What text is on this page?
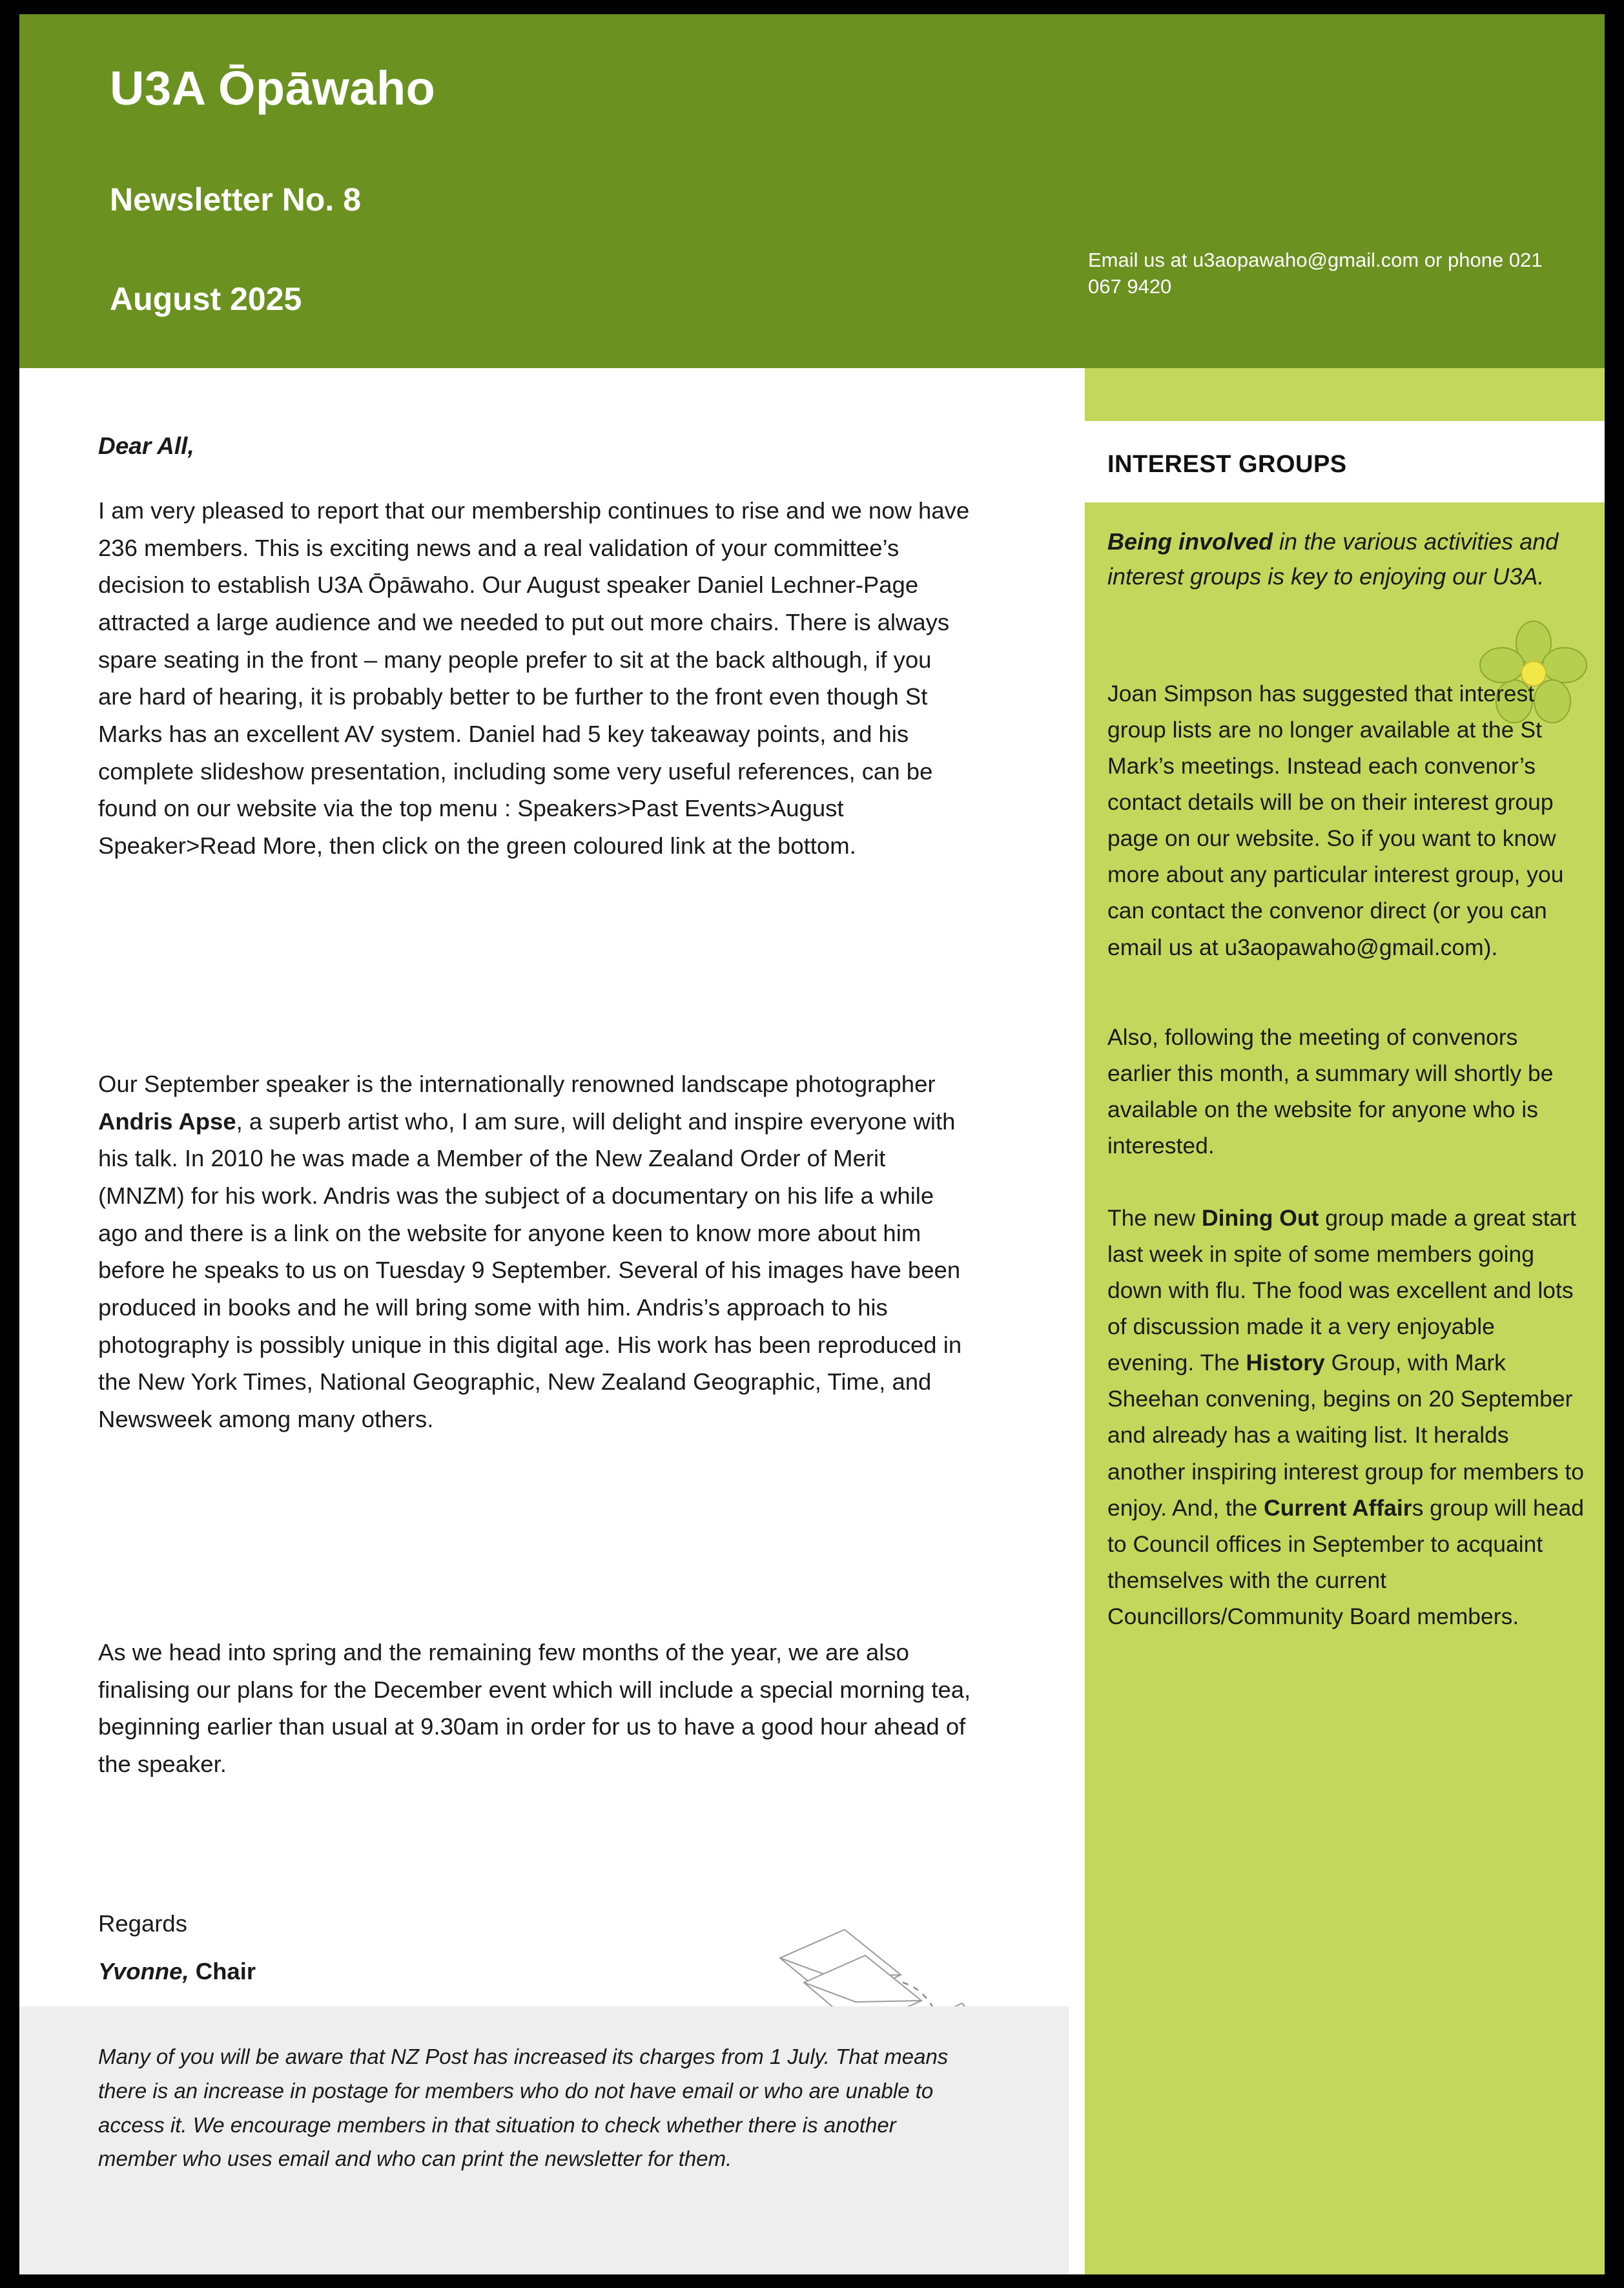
U3A Ōpāwaho
Newsletter No. 8
August 2025
Email us at u3aopawaho@gmail.com or phone 021 067 9420
Dear All,
I am very pleased to report that our membership continues to rise and we now have 236 members. This is exciting news and a real validation of your committee’s decision to establish U3A Ōpāwaho. Our August speaker Daniel Lechner-Page attracted a large audience and we needed to put out more chairs. There is always spare seating in the front – many people prefer to sit at the back although, if you are hard of hearing, it is probably better to be further to the front even though St Marks has an excellent AV system. Daniel had 5 key takeaway points, and his complete slideshow presentation, including some very useful references, can be found on our website via the top menu : Speakers>Past Events>August Speaker>Read More, then click on the green coloured link at the bottom.
Our September speaker is the internationally renowned landscape photographer Andris Apse, a superb artist who, I am sure, will delight and inspire everyone with his talk. In 2010 he was made a Member of the New Zealand Order of Merit (MNZM) for his work. Andris was the subject of a documentary on his life a while ago and there is a link on the website for anyone keen to know more about him before he speaks to us on Tuesday 9 September. Several of his images have been produced in books and he will bring some with him. Andris’s approach to his photography is possibly unique in this digital age. His work has been reproduced in the New York Times, National Geographic, New Zealand Geographic, Time, and Newsweek among many others.
As we head into spring and the remaining few months of the year, we are also finalising our plans for the December event which will include a special morning tea, beginning earlier than usual at 9.30am in order for us to have a good hour ahead of the speaker.
Regards
Yvonne, Chair
Many of you will be aware that NZ Post has increased its charges from 1 July. That means there is an increase in postage for members who do not have email or who are unable to access it. We encourage members in that situation to check whether there is another member who uses email and who can print the newsletter for them.
INTEREST GROUPS
Being involved in the various activities and interest groups is key to enjoying our U3A.
Joan Simpson has suggested that interest group lists are no longer available at the St Mark’s meetings. Instead each convenor’s contact details will be on their interest group page on our website. So if you want to know more about any particular interest group, you can contact the convenor direct (or you can email us at u3aopawaho@gmail.com).
Also, following the meeting of convenors earlier this month, a summary will shortly be available on the website for anyone who is interested.
The new Dining Out group made a great start last week in spite of some members going down with flu. The food was excellent and lots of discussion made it a very enjoyable evening. The History Group, with Mark Sheehan convening, begins on 20 September and already has a waiting list. It heralds another inspiring interest group for members to enjoy. And, the Current Affairs group will head to Council offices in September to acquaint themselves with the current Councillors/Community Board members.
